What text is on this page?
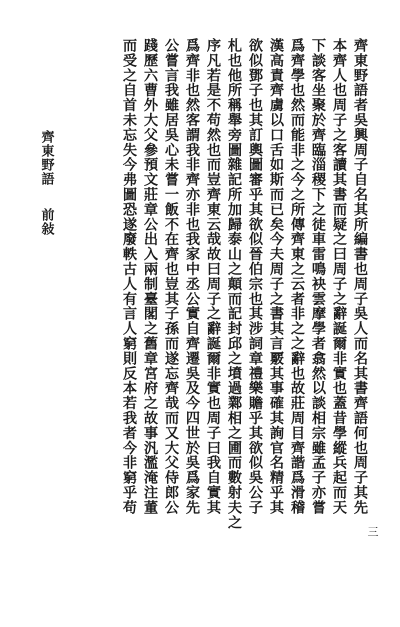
齊東野語
前敍	齊東野語者吳興周子自名其所編書也周子吳人而名其書齊語何也周子其先
本齊人也周子之客讀其書而疑之曰周子之辭誕爾非實也蓋昔學縱兵起而天
下談客坐聚於齊臨淄稷下之徒車雷鳴袂雲摩學者翕然以談相宗雖孟子亦嘗
爲齊學也然而能非之今之所傳齊東之云者非之之辭也故莊周目齊諧爲滑稽
漢高責齊虜以口舌如斯而已矣今夫周子之書其言覈其事確其詢官名精乎其
欲似鄧子也其訂輿圖審乎其欲似晉伯宗也其涉詞章禮樂贍乎其欲似吳公子
札也他所稱舉旁圖雜記所加歸泰山之顛而記封邱之墳過鄴相之圃而數射夫之
序凡若是不苟然也而豈齊東云哉故曰周子之辭誕爾非實也周子曰我自實其
爲齊非也然客謂我非齊亦非也我家中丞公實自齊遷吳及今四世於吳爲家先
公嘗言我雖居吳心未嘗一飯不在齊也豈其子孫而遂忘齊哉而又大父侍郎公
踐歷六曹外大父參預文莊章公出入兩制臺閣之舊章宮府之故事汎濫淹注董
而受之自首未忘失今弗圖恐遂廢軼古人有言人窮則反本若我者今非窮乎苟
三
